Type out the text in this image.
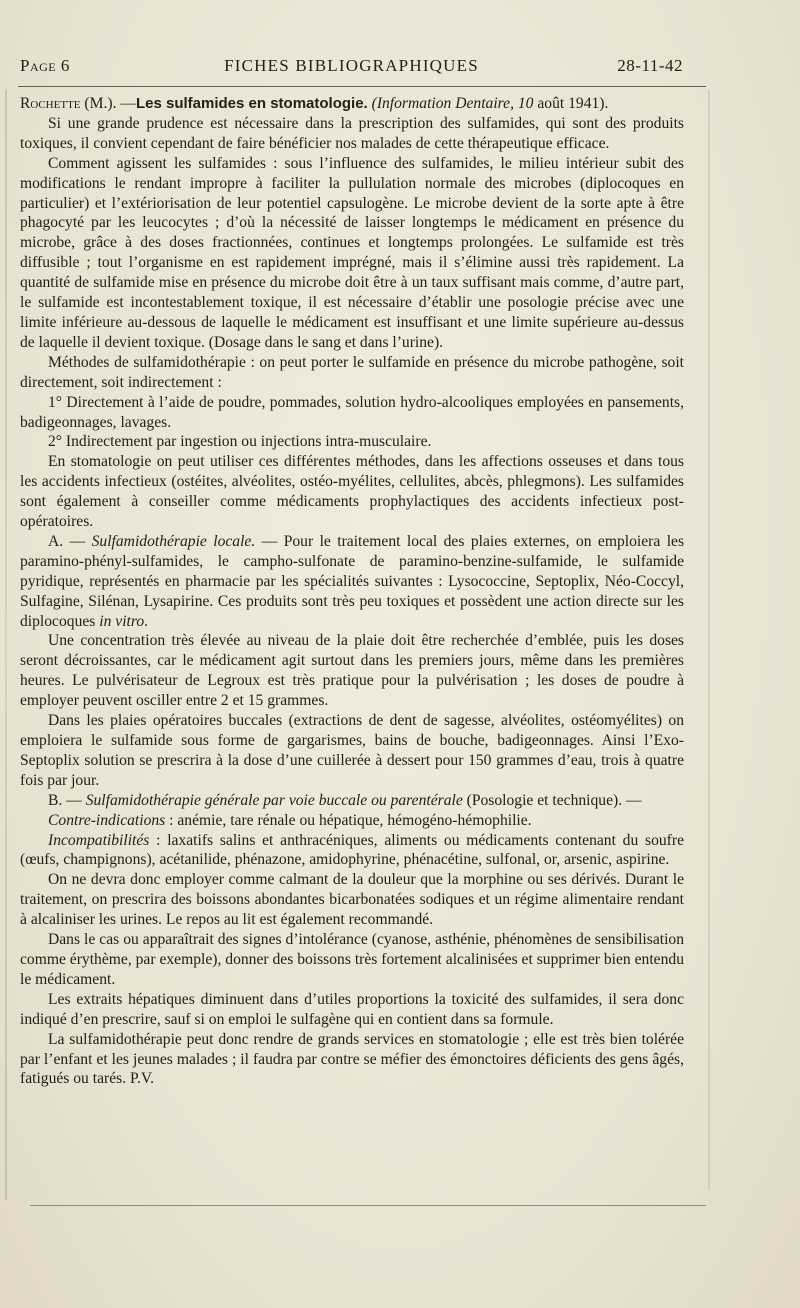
Page 6	FICHES BIBLIOGRAPHIQUES	28-11-42

Rochette (M.). —Les sulfamides en stomatologie. (Information Dentaire, 10 août 1941).

Si une grande prudence est nécessaire dans la prescription des sulfamides, qui sont des produits toxiques, il convient cependant de faire bénéficier nos malades de cette thérapeutique efficace.

Comment agissent les sulfamides : sous l’influence des sulfamides, le milieu intérieur subit des modifications le rendant impropre à faciliter la pullulation normale des microbes (diplocoques en particulier) et l’extériorisation de leur potentiel capsulogène. Le microbe devient de la sorte apte à être phagocyté par les leucocytes ; d’où la nécessité de laisser longtemps le médicament en présence du microbe, grâce à des doses fractionnées, continues et longtemps prolongées. Le sulfamide est très diffusible ; tout l’organisme en est rapidement imprégné, mais il s’élimine aussi très rapidement. La quantité de sulfamide mise en présence du microbe doit être à un taux suffisant mais comme, d’autre part, le sulfamide est incontestablement toxique, il est nécessaire d’établir une posologie précise avec une limite inférieure au-dessous de laquelle le médicament est insuffisant et une limite supérieure au-dessus de laquelle il devient toxique. (Dosage dans le sang et dans l’urine).

Méthodes de sulfamidothérapie : on peut porter le sulfamide en présence du microbe pathogène, soit directement, soit indirectement :

1° Directement à l’aide de poudre, pommades, solution hydro-alcooliques employées en pansements, badigeonnages, lavages.

2° Indirectement par ingestion ou injections intra-musculaire.

En stomatologie on peut utiliser ces différentes méthodes, dans les affections osseuses et dans tous les accidents infectieux (ostéites, alvéolites, ostéo-myélites, cellulites, abcès, phlegmons). Les sulfamides sont également à conseiller comme médicaments prophylactiques des accidents infectieux post-opératoires.

A. — Sulfamidothérapie locale. — Pour le traitement local des plaies externes, on emploiera les paramino-phényl-sulfamides, le campho-sulfonate de paramino-benzine-sulfamide, le sulfamide pyridique, représentés en pharmacie par les spécialités suivantes : Lysococcine, Septoplix, Néo-Coccyl, Sulfagine, Silénan, Lysapirine. Ces produits sont très peu toxiques et possèdent une action directe sur les diplocoques in vitro.

Une concentration très élevée au niveau de la plaie doit être recherchée d’emblée, puis les doses seront décroissantes, car le médicament agit surtout dans les premiers jours, même dans les premières heures. Le pulvérisateur de Legroux est très pratique pour la pulvérisation ; les doses de poudre à employer peuvent osciller entre 2 et 15 grammes.

Dans les plaies opératoires buccales (extractions de dent de sagesse, alvéolites, ostéomyélites) on emploiera le sulfamide sous forme de gargarismes, bains de bouche, badigeonnages. Ainsi l’Exo-Septoplix solution se prescrira à la dose d’une cuillerée à dessert pour 150 grammes d’eau, trois à quatre fois par jour.

B. — Sulfamidothérapie générale par voie buccale ou parentérale (Posologie et technique). —

Contre-indications : anémie, tare rénale ou hépatique, hémogéno-hémophilie.

Incompatibilités : laxatifs salins et anthracéniques, aliments ou médicaments contenant du soufre (œufs, champignons), acétanilide, phénazone, amidophyrine, phénacétine, sulfonal, or, arsenic, aspirine.

On ne devra donc employer comme calmant de la douleur que la morphine ou ses dérivés. Durant le traitement, on prescrira des boissons abondantes bicarbonatées sodiques et un régime alimentaire rendant à alcaliniser les urines. Le repos au lit est également recommandé.

Dans le cas ou apparaîtrait des signes d’intolérance (cyanose, asthénie, phénomènes de sensibilisation comme érythème, par exemple), donner des boissons très fortement alcalinisées et supprimer bien entendu le médicament.

Les extraits hépatiques diminuent dans d’utiles proportions la toxicité des sulfamides, il sera donc indiqué d’en prescrire, sauf si on emploi le sulfagène qui en contient dans sa formule.

La sulfamidothérapie peut donc rendre de grands services en stomatologie ; elle est très bien tolérée par l’enfant et les jeunes malades ; il faudra par contre se méfier des émonctoires déficients des gens âgés, fatigués ou tarés. P.V.
